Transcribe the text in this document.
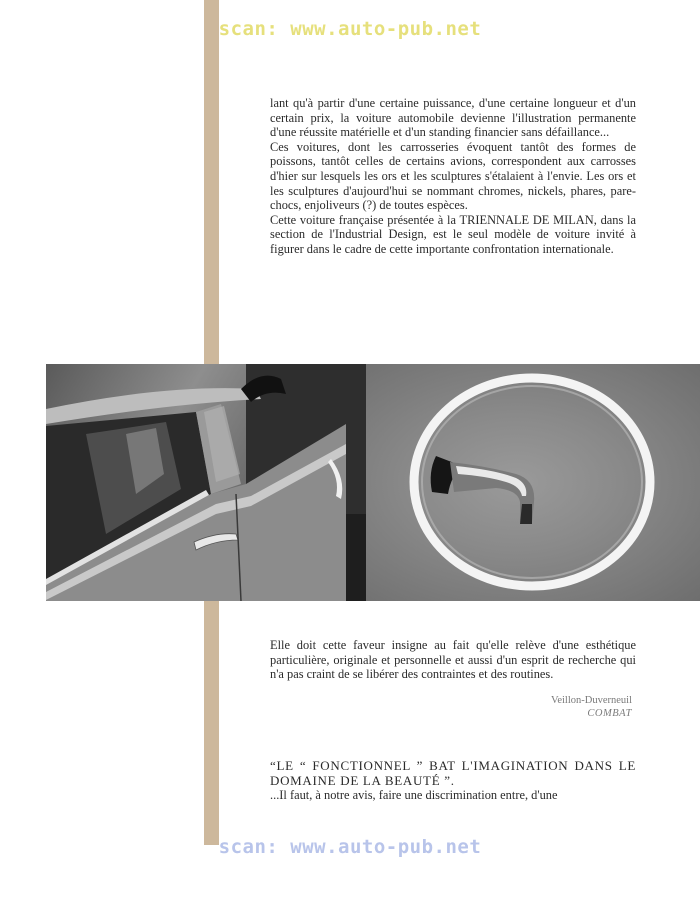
scan: www.auto-pub.net

lant qu'à partir d'une certaine puissance, d'une certaine longueur et d'un certain prix, la voiture automobile devienne l'illustration permanente d'une réussite matérielle et d'un standing financier sans défaillance...

Ces voitures, dont les carrosseries évoquent tantôt des formes de poissons, tantôt celles de certains avions, correspondent aux carrosses d'hier sur lesquels les ors et les sculptures s'étalaient à l'envie. Les ors et les sculptures d'aujourd'hui se nommant chromes, nickels, phares, pare-chocs, enjoliveurs (?) de toutes espèces.

Cette voiture française présentée à la TRIENNALE DE MILAN, dans la section de l'Industrial Design, est le seul modèle de voiture invité à figurer dans le cadre de cette importante confrontation internationale.

Elle doit cette faveur insigne au fait qu'elle relève d'une esthétique particulière, originale et personnelle et aussi d'un esprit de recherche qui n'a pas craint de se libérer des contraintes et des routines.

Veillon-Duverneuil
COMBAT
“LE “ FONCTIONNEL ” BAT L'IMAGINATION DANS LE DOMAINE DE LA BEAUTÉ ”.

...Il faut, à notre avis, faire une discrimination entre, d'une

scan: www.auto-pub.net
